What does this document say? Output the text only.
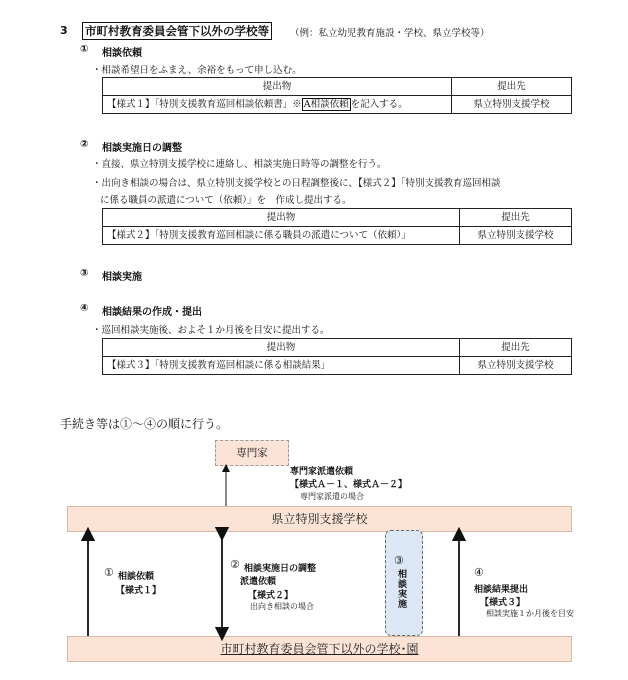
3 市町村教育委員会管下以外の学校等	（例：私立幼児教育施設・学校、県立学校等）
① 相談依頼
・相談希望日をふまえ、余裕をもって申し込む。
提出物	提出先
【様式１】「特別支援教育巡回相談依頼書」※ A相談依頼 を記入する。	県立特別支援学校
② 相談実施日の調整
・直接、県立特別支援学校に連絡し、相談実施日時等の調整を行う。
・出向き相談の場合は、県立特別支援学校との日程調整後に、【様式２】「特別支援教育巡回相談
に係る職員の派遣について（依頼）」を　作成し提出する。
提出物	提出先
【様式２】「特別支援教育巡回相談に係る職員の派遣について（依頼）」	県立特別支援学校
③ 相談実施
④ 相談結果の作成・提出
・巡回相談実施後、およそ１か月後を目安に提出する。
提出物	提出先
【様式３】「特別支援教育巡回相談に係る相談結果」	県立特別支援学校
手続き等は①～④の順に行う。
専門家
専門家派遣依頼
【様式Ａ－１、様式Ａ－２】
専門家派遣の場合
県立特別支援学校
市町村教育委員会管下以外の学校･園
③
相談実施
① 相談依頼
【様式１】
② 相談実施日の調整
派遣依頼
【様式２】
出向き相談の場合
④
相談結果提出
【様式３】
相談実施１か月後を目安
